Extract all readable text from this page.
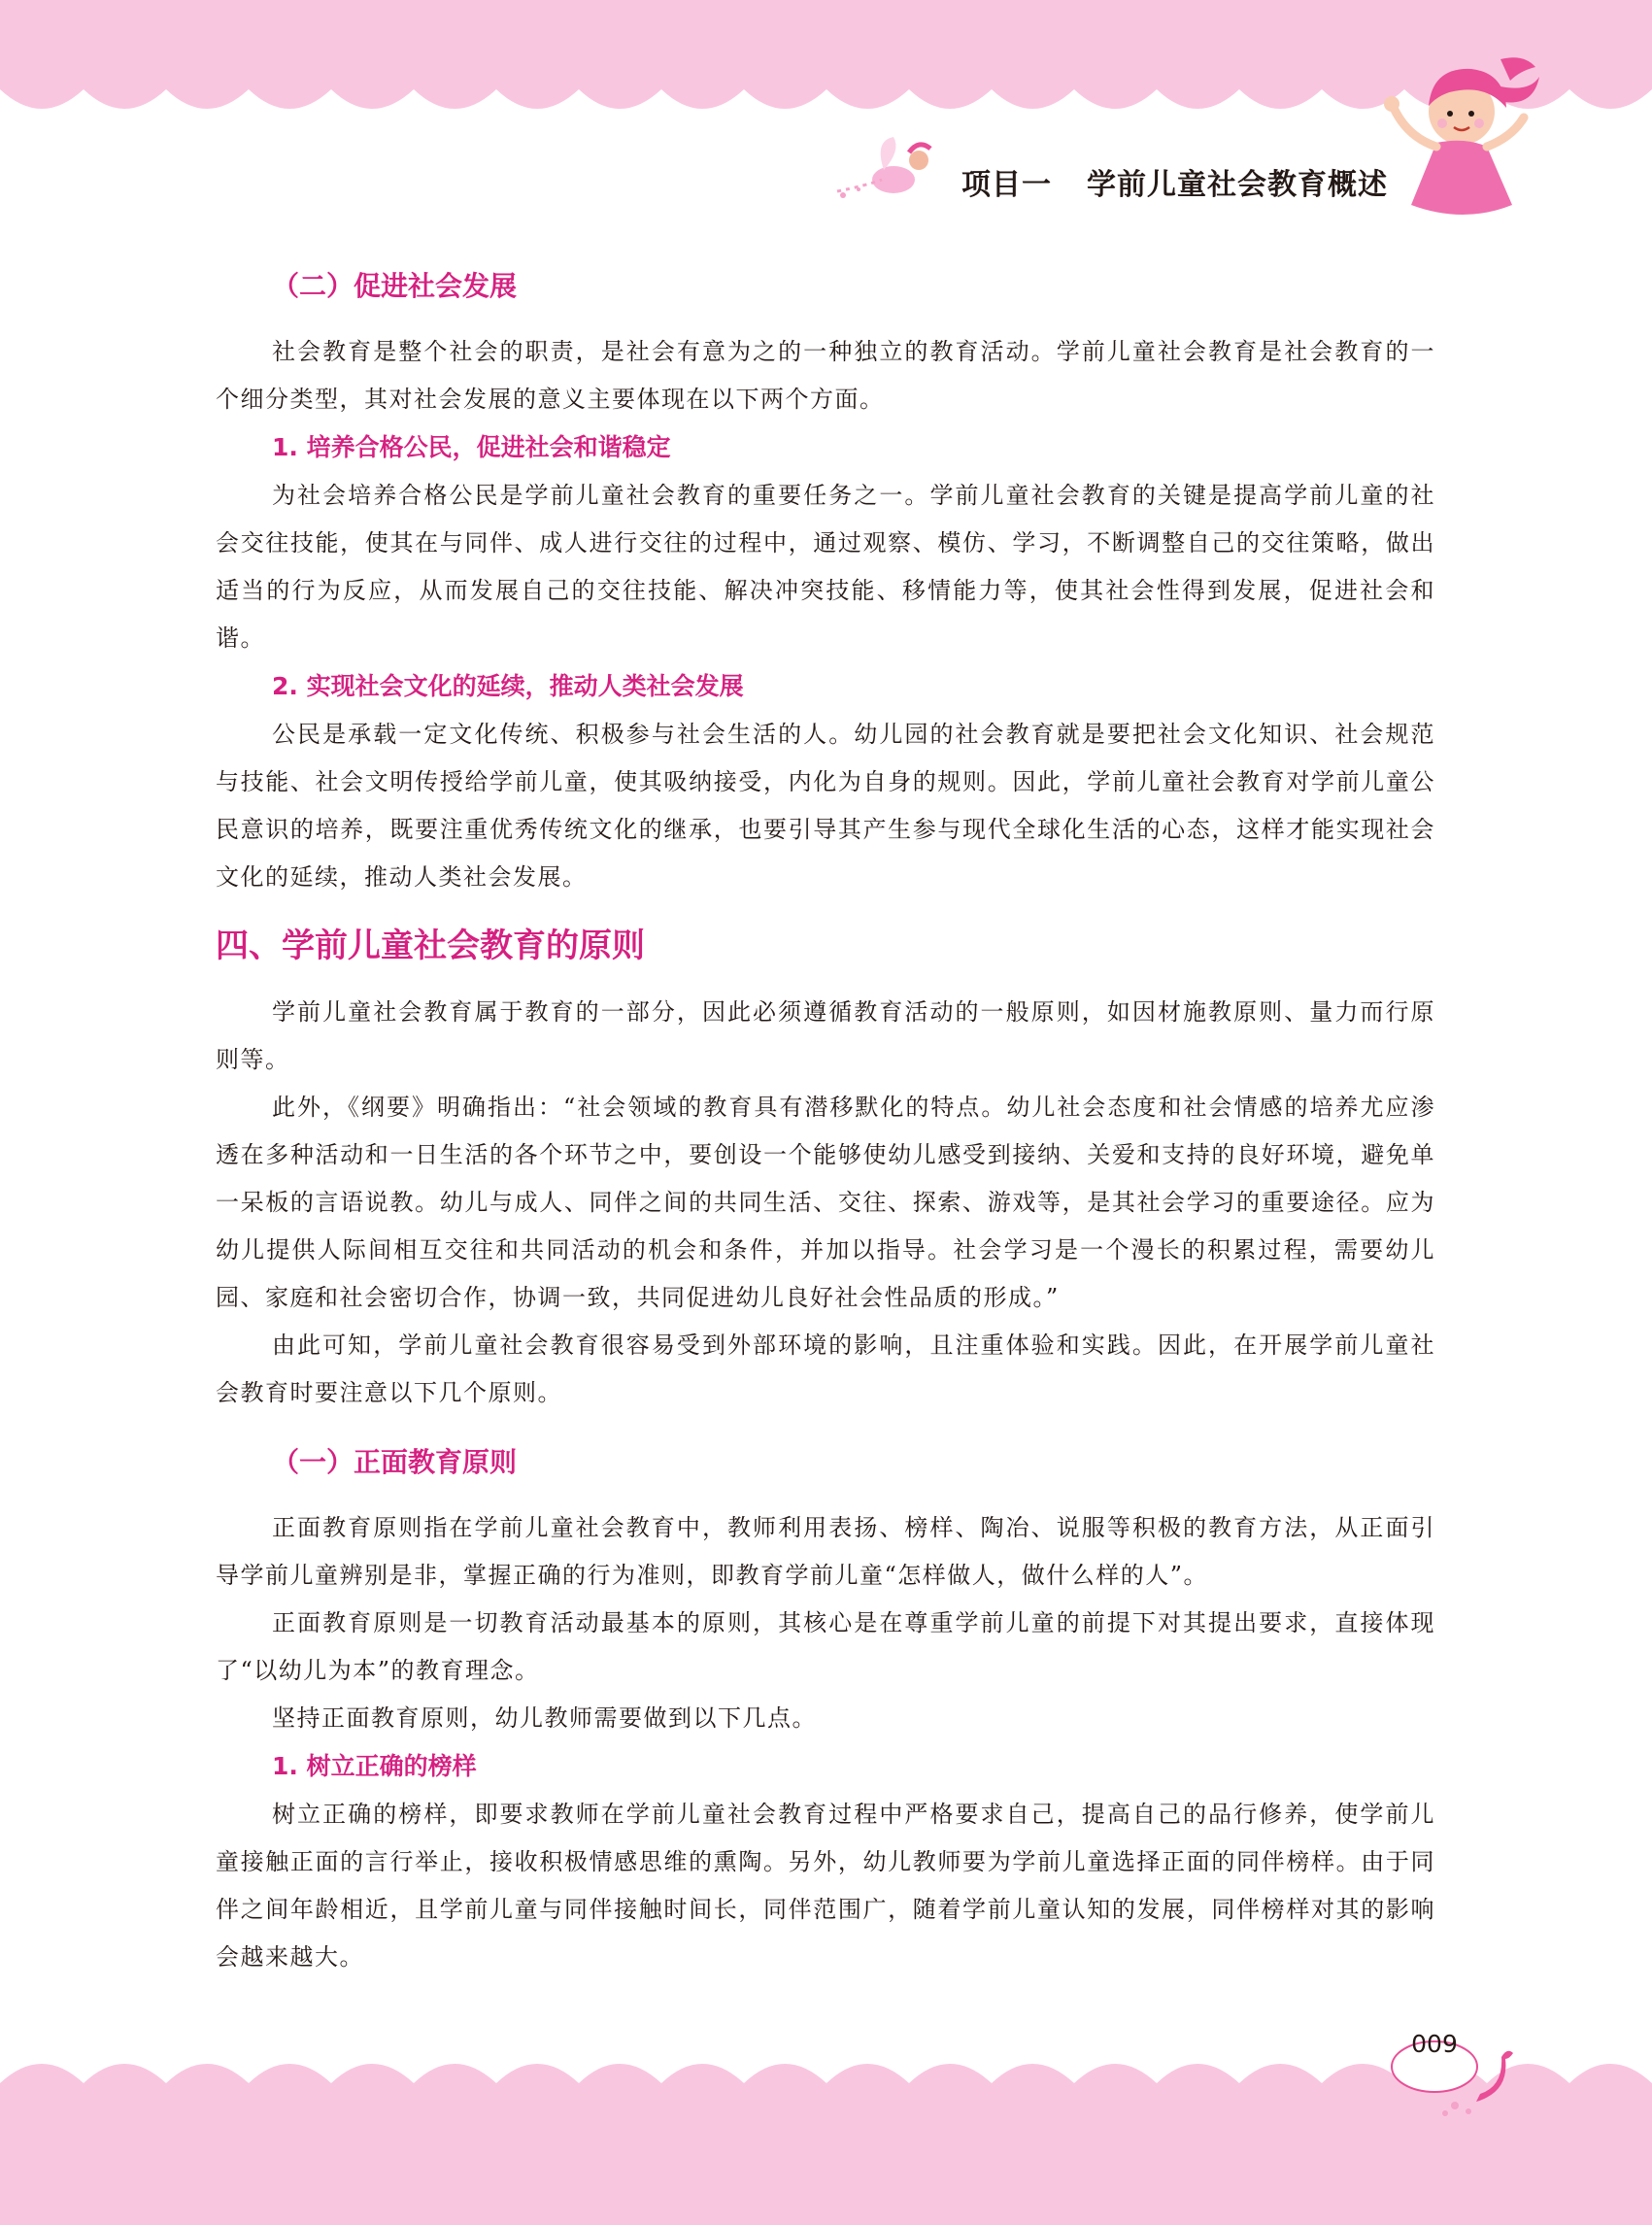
项目一 学前儿童社会教育概述
（二）促进社会发展

社会教育是整个社会的职责，是社会有意为之的一种独立的教育活动。学前儿童社会教育是社会教育的一个细分类型，其对社会发展的意义主要体现在以下两个方面。

1. 培养合格公民，促进社会和谐稳定

为社会培养合格公民是学前儿童社会教育的重要任务之一。学前儿童社会教育的关键是提高学前儿童的社会交往技能，使其在与同伴、成人进行交往的过程中，通过观察、模仿、学习，不断调整自己的交往策略，做出适当的行为反应，从而发展自己的交往技能、解决冲突技能、移情能力等，使其社会性得到发展，促进社会和谐。

2. 实现社会文化的延续，推动人类社会发展

公民是承载一定文化传统、积极参与社会生活的人。幼儿园的社会教育就是要把社会文化知识、社会规范与技能、社会文明传授给学前儿童，使其吸纳接受，内化为自身的规则。因此，学前儿童社会教育对学前儿童公民意识的培养，既要注重优秀传统文化的继承，也要引导其产生参与现代全球化生活的心态，这样才能实现社会文化的延续，推动人类社会发展。

四、学前儿童社会教育的原则

学前儿童社会教育属于教育的一部分，因此必须遵循教育活动的一般原则，如因材施教原则、量力而行原则等。

此外，《纲要》明确指出：“社会领域的教育具有潜移默化的特点。幼儿社会态度和社会情感的培养尤应渗透在多种活动和一日生活的各个环节之中，要创设一个能够使幼儿感受到接纳、关爱和支持的良好环境，避免单一呆板的言语说教。幼儿与成人、同伴之间的共同生活、交往、探索、游戏等，是其社会学习的重要途径。应为幼儿提供人际间相互交往和共同活动的机会和条件，并加以指导。社会学习是一个漫长的积累过程，需要幼儿园、家庭和社会密切合作，协调一致，共同促进幼儿良好社会性品质的形成。”

由此可知，学前儿童社会教育很容易受到外部环境的影响，且注重体验和实践。因此，在开展学前儿童社会教育时要注意以下几个原则。

（一）正面教育原则

正面教育原则指在学前儿童社会教育中，教师利用表扬、榜样、陶冶、说服等积极的教育方法，从正面引导学前儿童辨别是非，掌握正确的行为准则，即教育学前儿童“怎样做人，做什么样的人”。

正面教育原则是一切教育活动最基本的原则，其核心是在尊重学前儿童的前提下对其提出要求，直接体现了“以幼儿为本”的教育理念。

坚持正面教育原则，幼儿教师需要做到以下几点。

1. 树立正确的榜样

树立正确的榜样，即要求教师在学前儿童社会教育过程中严格要求自己，提高自己的品行修养，使学前儿童接触正面的言行举止，接收积极情感思维的熏陶。另外，幼儿教师要为学前儿童选择正面的同伴榜样。由于同伴之间年龄相近，且学前儿童与同伴接触时间长，同伴范围广，随着学前儿童认知的发展，同伴榜样对其的影响会越来越大。

009
